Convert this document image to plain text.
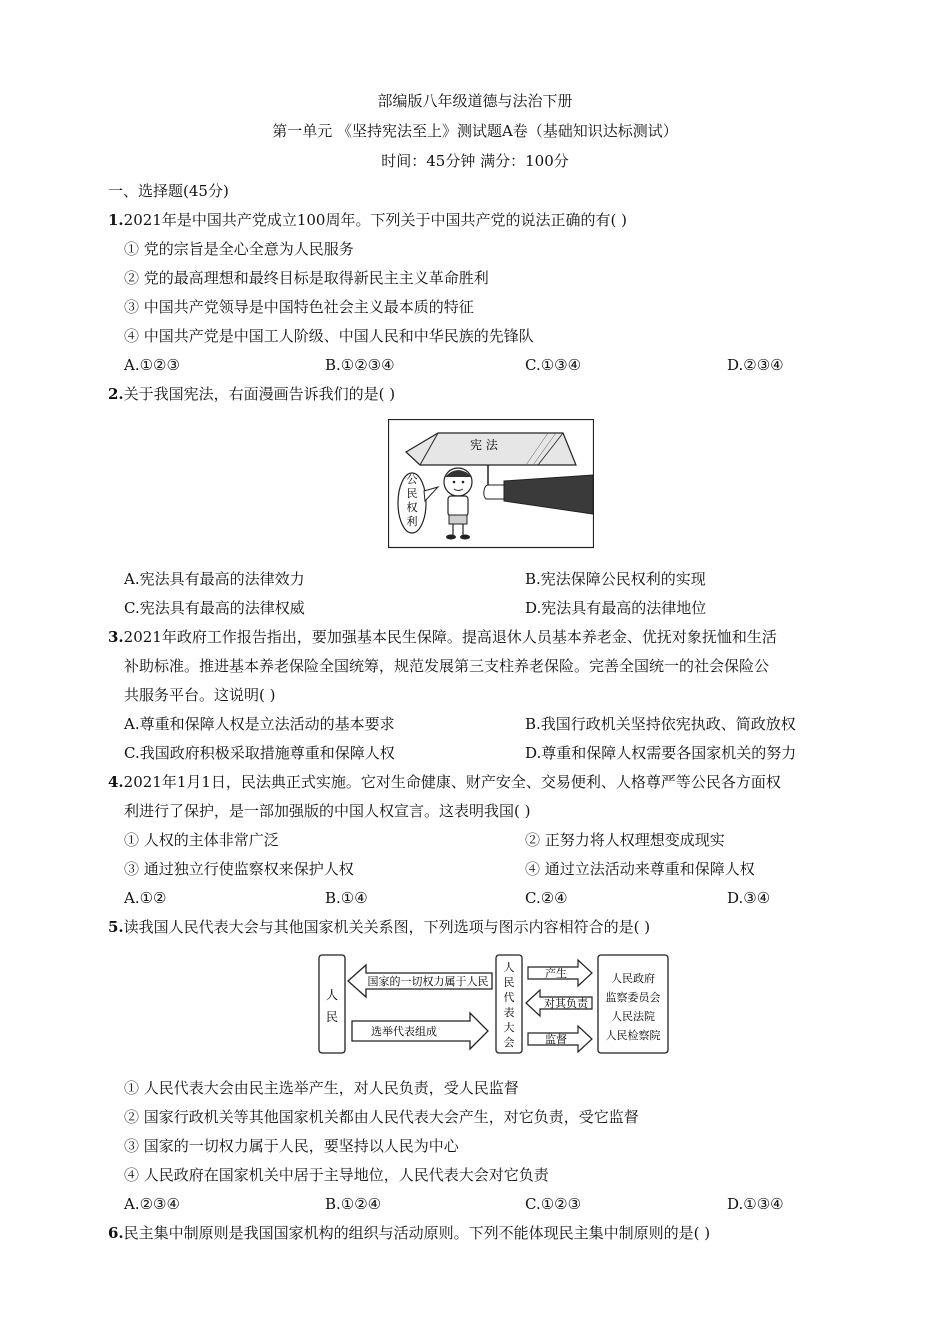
部编版八年级道德与法治下册
第一单元 《坚持宪法至上》测试题A卷（基础知识达标测试）
时间：45分钟 满分：100分
一、选择题(45分)
1.2021年是中国共产党成立100周年。下列关于中国共产党的说法正确的有( )
① 党的宗旨是全心全意为人民服务
② 党的最高理想和最终目标是取得新民主主义革命胜利
③ 中国共产党领导是中国特色社会主义最本质的特征
④ 中国共产党是中国工人阶级、中国人民和中华民族的先锋队
A.①②③	B.①②③④	C.①③④	D.②③④
2.关于我国宪法，右面漫画告诉我们的是( )
宪 法
公
民
权
利
A.宪法具有最高的法律效力	B.宪法保障公民权利的实现
C.宪法具有最高的法律权威	D.宪法具有最高的法律地位
3.2021年政府工作报告指出，要加强基本民生保障。提高退休人员基本养老金、优抚对象抚恤和生活
补助标准。推进基本养老保险全国统筹，规范发展第三支柱养老保险。完善全国统一的社会保险公
共服务平台。这说明( )
A.尊重和保障人权是立法活动的基本要求	B.我国行政机关坚持依宪执政、简政放权
C.我国政府积极采取措施尊重和保障人权	D.尊重和保障人权需要各国家机关的努力
4.2021年1月1日，民法典正式实施。它对生命健康、财产安全、交易便利、人格尊严等公民各方面权
利进行了保护，是一部加强版的中国人权宣言。这表明我国( )
① 人权的主体非常广泛	② 正努力将人权理想变成现实
③ 通过独立行使监察权来保护人权	④ 通过立法活动来尊重和保障人权
A.①②	B.①④	C.②④	D.③④
5.读我国人民代表大会与其他国家机关关系图，下列选项与图示内容相符合的是( )
人
民
国家的一切权力属于人民
选举代表组成
人
民
代
表
大
会
产生
对其负责
监督
人民政府
监察委员会
人民法院
人民检察院
① 人民代表大会由民主选举产生，对人民负责，受人民监督
② 国家行政机关等其他国家机关都由人民代表大会产生，对它负责，受它监督
③ 国家的一切权力属于人民，要坚持以人民为中心
④ 人民政府在国家机关中居于主导地位，人民代表大会对它负责
A.②③④	B.①②④	C.①②③	D.①③④
6.民主集中制原则是我国国家机构的组织与活动原则。下列不能体现民主集中制原则的是( )
